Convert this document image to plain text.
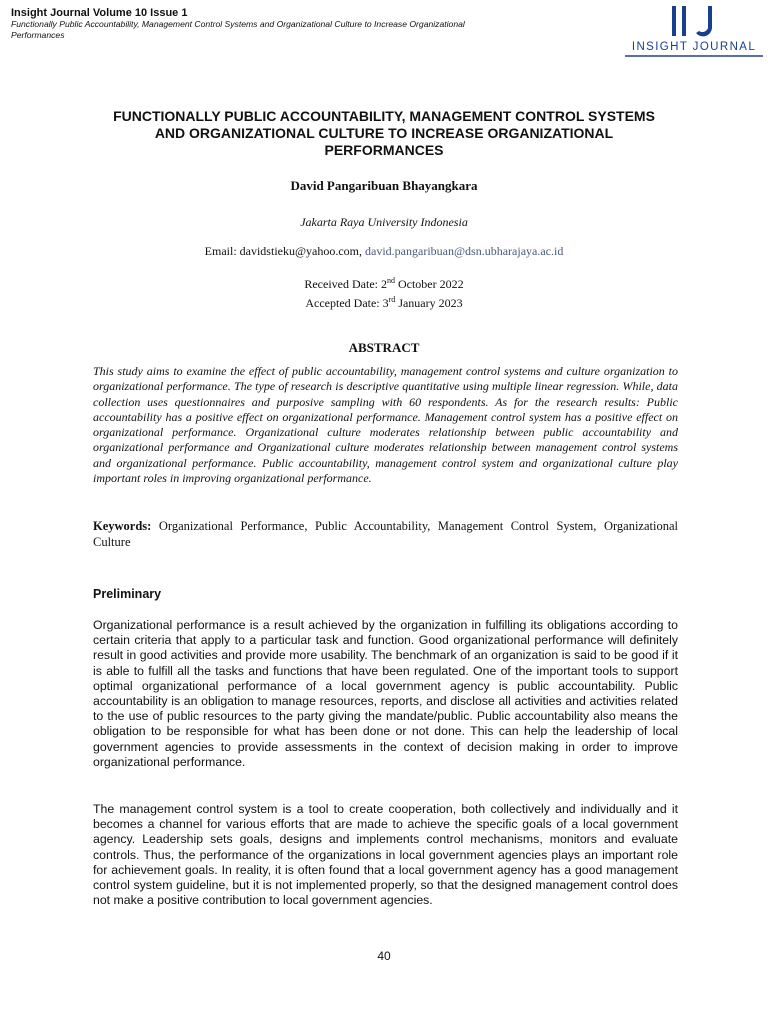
Insight Journal Volume 10 Issue 1
Functionally Public Accountability, Management Control Systems and Organizational Culture to Increase Organizational
Performances
INSIGHT JOURNAL
FUNCTIONALLY PUBLIC ACCOUNTABILITY, MANAGEMENT CONTROL SYSTEMS AND ORGANIZATIONAL CULTURE TO INCREASE ORGANIZATIONAL PERFORMANCES
David Pangaribuan Bhayangkara
Jakarta Raya University Indonesia
Email: davidstieku@yahoo.com, david.pangaribuan@dsn.ubharajaya.ac.id
Received Date: 2nd October 2022
Accepted Date: 3rd January 2023
ABSTRACT
This study aims to examine the effect of public accountability, management control systems and culture organization to organizational performance. The type of research is descriptive quantitative using multiple linear regression. While, data collection uses questionnaires and purposive sampling with 60 respondents. As for the research results: Public accountability has a positive effect on organizational performance. Management control system has a positive effect on organizational performance. Organizational culture moderates relationship between public accountability and organizational performance and Organizational culture moderates relationship between management control systems and organizational performance. Public accountability, management control system and organizational culture play important roles in improving organizational performance.
Keywords: Organizational Performance, Public Accountability, Management Control System, Organizational Culture
Preliminary
Organizational performance is a result achieved by the organization in fulfilling its obligations according to certain criteria that apply to a particular task and function. Good organizational performance will definitely result in good activities and provide more usability. The benchmark of an organization is said to be good if it is able to fulfill all the tasks and functions that have been regulated. One of the important tools to support optimal organizational performance of a local government agency is public accountability. Public accountability is an obligation to manage resources, reports, and disclose all activities and activities related to the use of public resources to the party giving the mandate/public. Public accountability also means the obligation to be responsible for what has been done or not done. This can help the leadership of local government agencies to provide assessments in the context of decision making in order to improve organizational performance.
The management control system is a tool to create cooperation, both collectively and individually and it becomes a channel for various efforts that are made to achieve the specific goals of a local government agency. Leadership sets goals, designs and implements control mechanisms, monitors and evaluate controls. Thus, the performance of the organizations in local government agencies plays an important role for achievement goals. In reality, it is often found that a local government agency has a good management control system guideline, but it is not implemented properly, so that the designed management control does not make a positive contribution to local government agencies.
40
